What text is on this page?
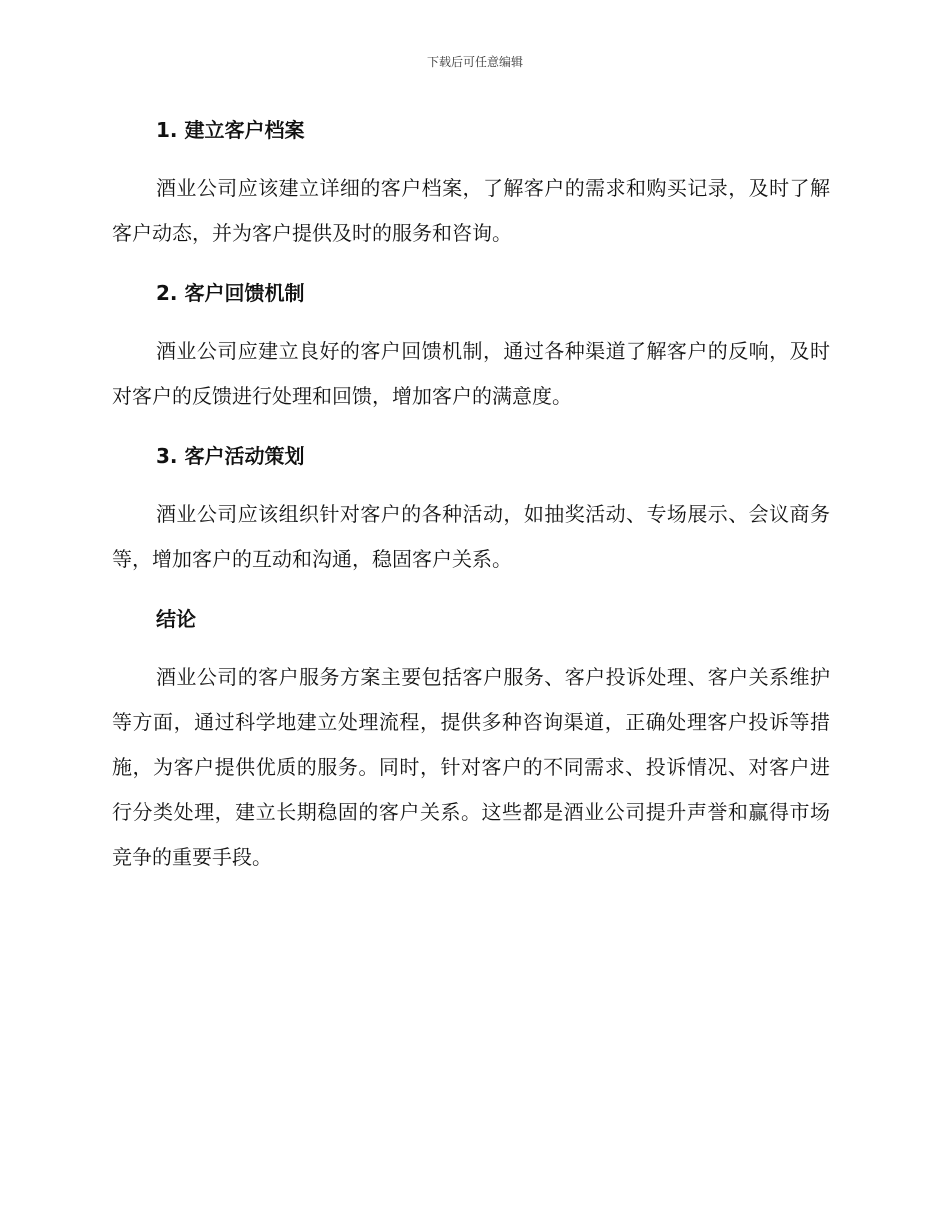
下载后可任意编辑
1. 建立客户档案

酒业公司应该建立详细的客户档案，了解客户的需求和购买记录，及时了解客户动态，并为客户提供及时的服务和咨询。

2. 客户回馈机制

酒业公司应建立良好的客户回馈机制，通过各种渠道了解客户的反响，及时对客户的反馈进行处理和回馈，增加客户的满意度。

3. 客户活动策划

酒业公司应该组织针对客户的各种活动，如抽奖活动、专场展示、会议商务等，增加客户的互动和沟通，稳固客户关系。

结论

酒业公司的客户服务方案主要包括客户服务、客户投诉处理、客户关系维护等方面，通过科学地建立处理流程，提供多种咨询渠道，正确处理客户投诉等措施，为客户提供优质的服务。同时，针对客户的不同需求、投诉情况、对客户进行分类处理，建立长期稳固的客户关系。这些都是酒业公司提升声誉和赢得市场竞争的重要手段。
